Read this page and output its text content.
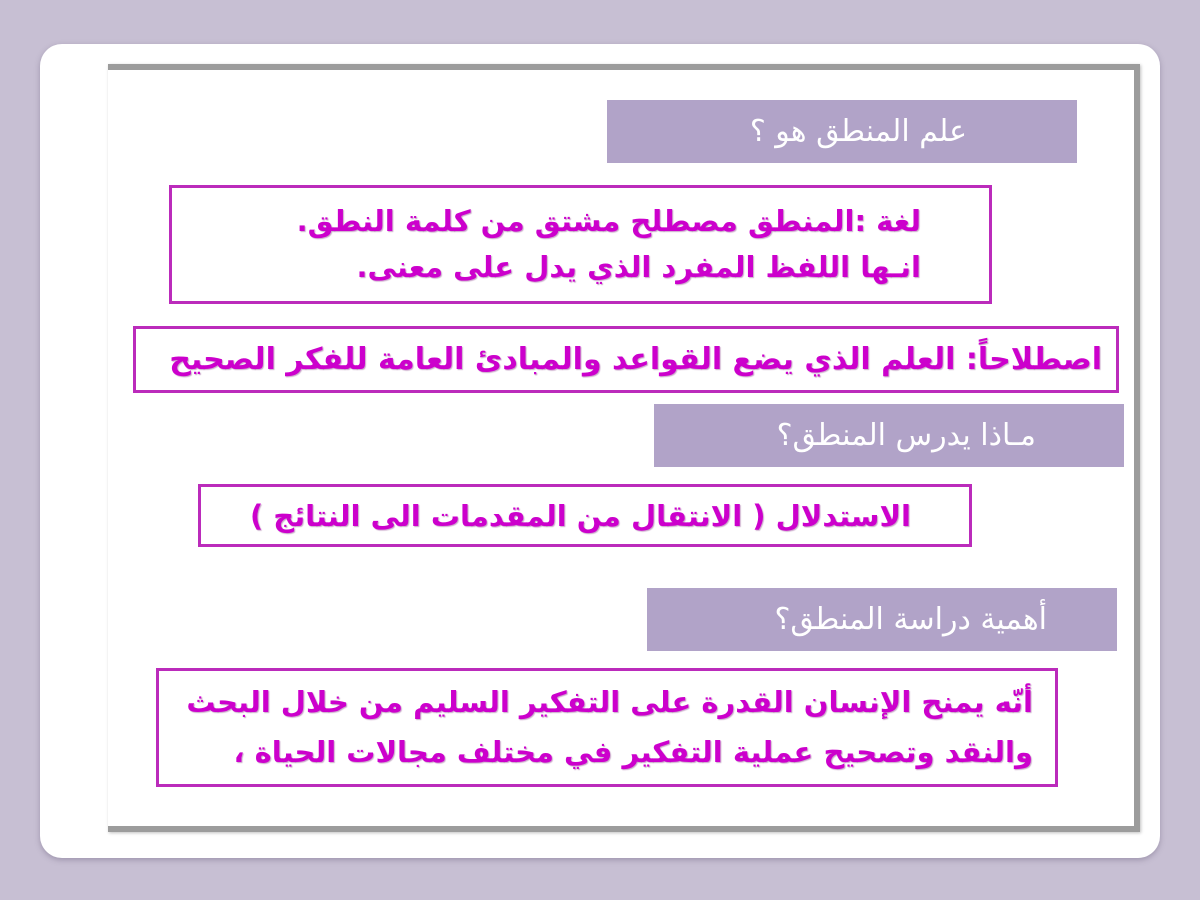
علم المنطق هو ؟
لغة :المنطق مصطلح مشتق من كلمة النطق.
انـها اللفظ المفرد الذي يدل على معنى.
اصطلاحاً: العلم الذي يضع القواعد والمبادئ العامة للفكر الصحيح
مـاذا يدرس المنطق؟
الاستدلال ( الانتقال من المقدمات الى النتائج )
أهمية دراسة المنطق؟
أنّه يمنح الإنسان القدرة على التفكير السليم من خلال البحث
والنقد وتصحيح عملية التفكير في مختلف مجالات الحياة ،
